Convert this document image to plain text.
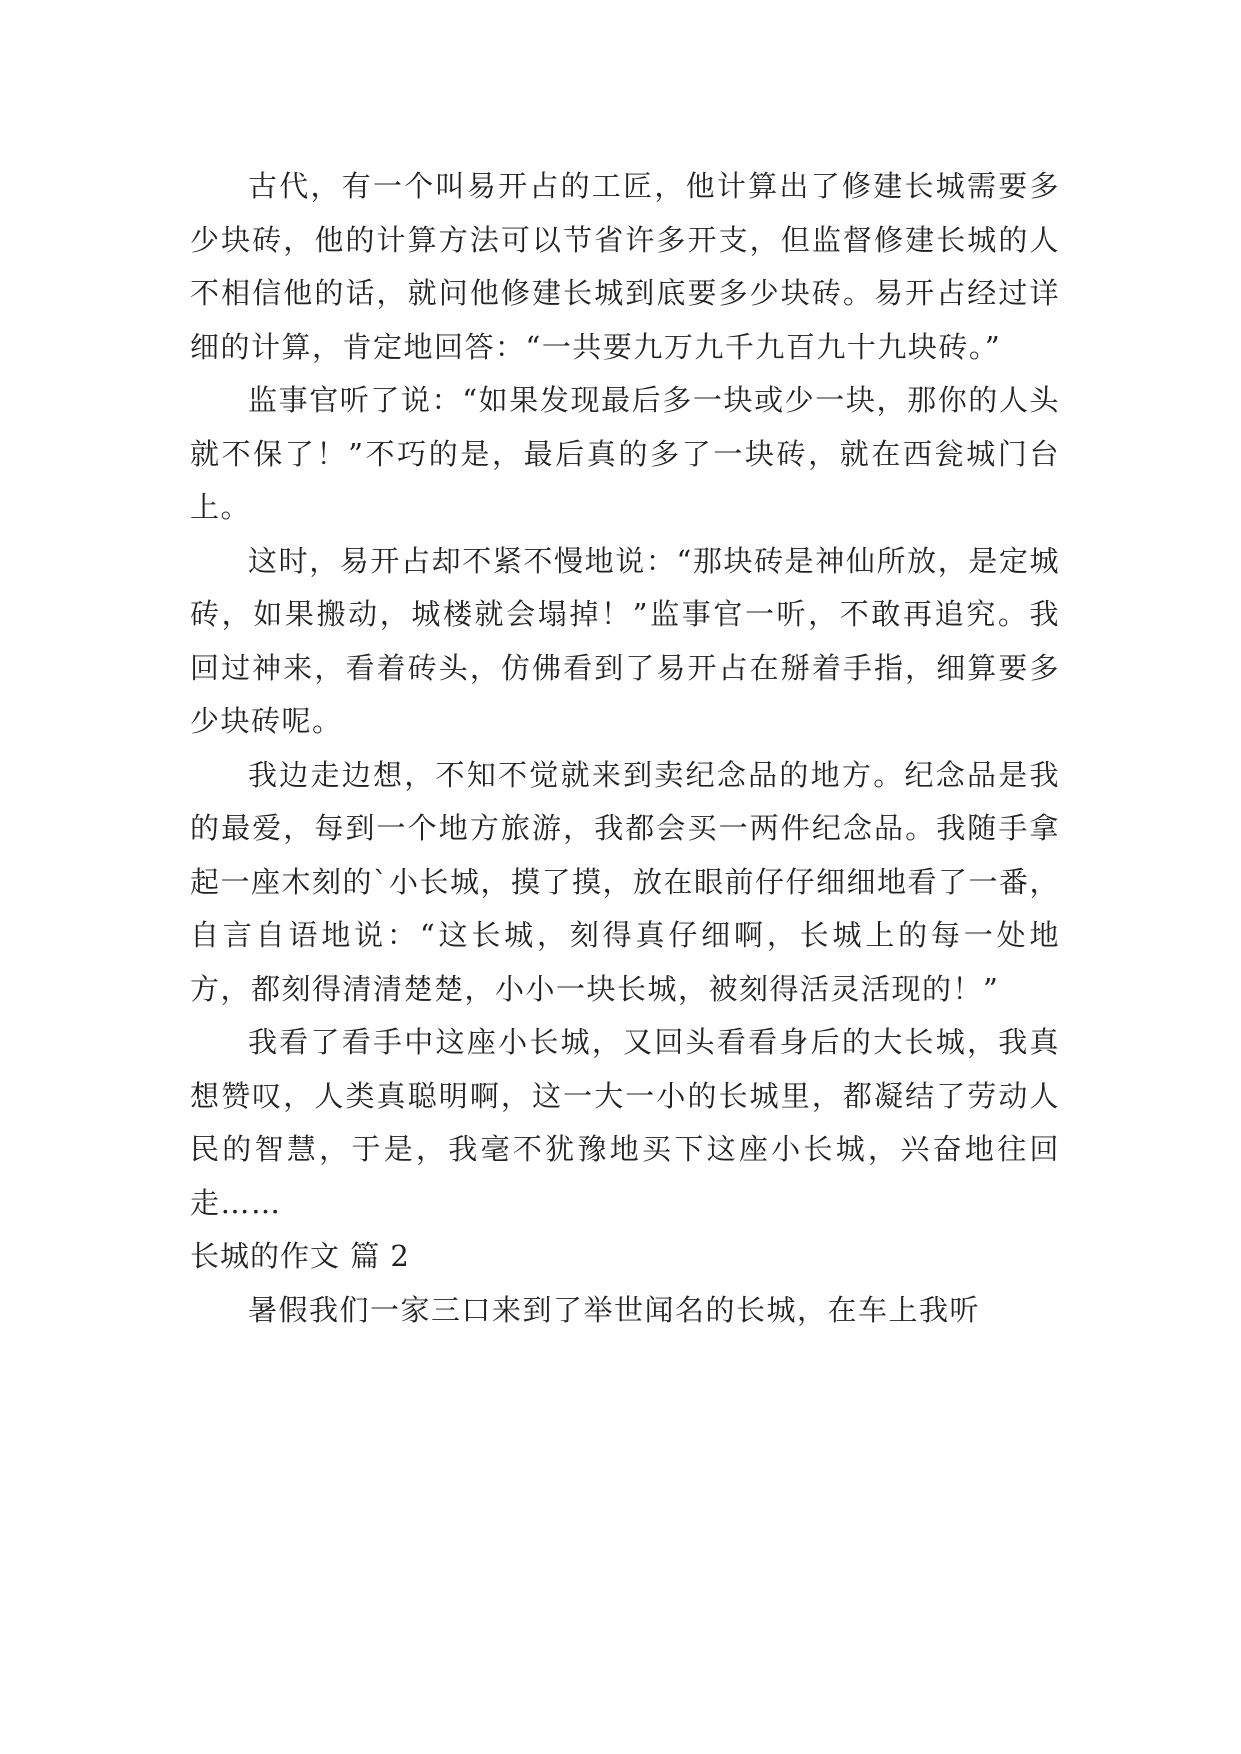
古代，有一个叫易开占的工匠，他计算出了修建长城需要多少块砖，他的计算方法可以节省许多开支，但监督修建长城的人不相信他的话，就问他修建长城到底要多少块砖。易开占经过详细的计算，肯定地回答：“一共要九万九千九百九十九块砖。”

监事官听了说：“如果发现最后多一块或少一块，那你的人头就不保了！”不巧的是，最后真的多了一块砖，就在西瓮城门台上。

这时，易开占却不紧不慢地说：“那块砖是神仙所放，是定城砖，如果搬动，城楼就会塌掉！”监事官一听，不敢再追究。我回过神来，看着砖头，仿佛看到了易开占在掰着手指，细算要多少块砖呢。

我边走边想，不知不觉就来到卖纪念品的地方。纪念品是我的最爱，每到一个地方旅游，我都会买一两件纪念品。我随手拿起一座木刻的`小长城，摸了摸，放在眼前仔仔细细地看了一番，自言自语地说：“这长城，刻得真仔细啊，长城上的每一处地方，都刻得清清楚楚，小小一块长城，被刻得活灵活现的！”

我看了看手中这座小长城，又回头看看身后的大长城，我真想赞叹，人类真聪明啊，这一大一小的长城里，都凝结了劳动人民的智慧，于是，我毫不犹豫地买下这座小长城，兴奋地往回走……

长城的作文 篇 2

暑假我们一家三口来到了举世闻名的长城，在车上我听
